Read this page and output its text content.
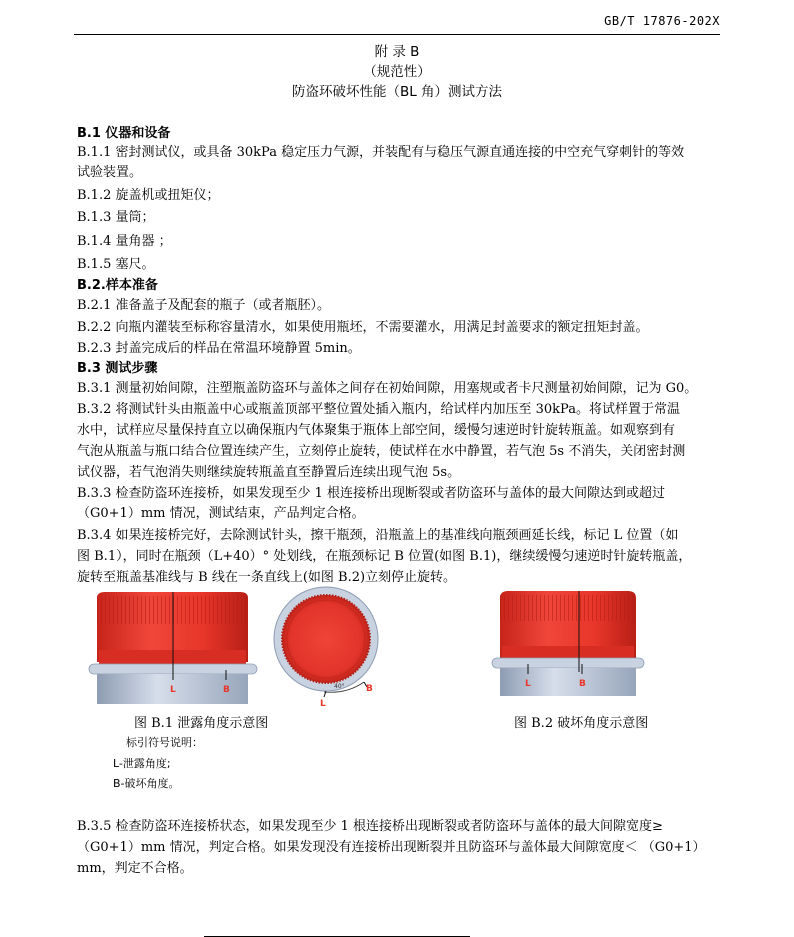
GB/T 17876-202X
附 录 B
（规范性）
防盗环破坏性能（BL 角）测试方法
B.1 仪器和设备
B.1.1 密封测试仪，或具备 30kPa 稳定压力气源，并装配有与稳压气源直通连接的中空充气穿刺针的等效
试验装置。
B.1.2 旋盖机或扭矩仪；
B.1.3 量筒；
B.1.4 量角器 ；
B.1.5 塞尺。
B.2.样本准备
B.2.1 准备盖子及配套的瓶子（或者瓶胚）。
B.2.2 向瓶内灌装至标称容量清水，如果使用瓶坯，不需要灌水，用满足封盖要求的额定扭矩封盖。
B.2.3 封盖完成后的样品在常温环境静置 5min。
B.3 测试步骤
B.3.1 测量初始间隙，注塑瓶盖防盗环与盖体之间存在初始间隙，用塞规或者卡尺测量初始间隙，记为 G0。
B.3.2 将测试针头由瓶盖中心或瓶盖顶部平整位置处插入瓶内，给试样内加压至 30kPa。将试样置于常温
水中，试样应尽量保持直立以确保瓶内气体聚集于瓶体上部空间，缓慢匀速逆时针旋转瓶盖。如观察到有
气泡从瓶盖与瓶口结合位置连续产生，立刻停止旋转，使试样在水中静置，若气泡 5s 不消失，关闭密封测
试仪器，若气泡消失则继续旋转瓶盖直至静置后连续出现气泡 5s。
B.3.3 检查防盗环连接桥，如果发现至少 1 根连接桥出现断裂或者防盗环与盖体的最大间隙达到或超过
（G0+1）mm 情况，测试结束，产品判定合格。
B.3.4 如果连接桥完好，去除测试针头，擦干瓶颈，沿瓶盖上的基准线向瓶颈画延长线，标记 L 位置（如
图 B.1），同时在瓶颈（L+40）° 处划线，在瓶颈标记 B 位置(如图 B.1)，继续缓慢匀速逆时针旋转瓶盖，
旋转至瓶盖基准线与 B 线在一条直线上(如图 B.2)立刻停止旋转。
L	B	40°
L
B	L	B
图 B.1 泄露角度示意图	图 B.2 破坏角度示意图
标引符号说明：
L-泄露角度;
B-破坏角度。
B.3.5 检查防盗环连接桥状态，如果发现至少 1 根连接桥出现断裂或者防盗环与盖体的最大间隙宽度≥
（G0+1）mm 情况，判定合格。如果发现没有连接桥出现断裂并且防盗环与盖体最大间隙宽度＜ （G0+1）
mm，判定不合格。
